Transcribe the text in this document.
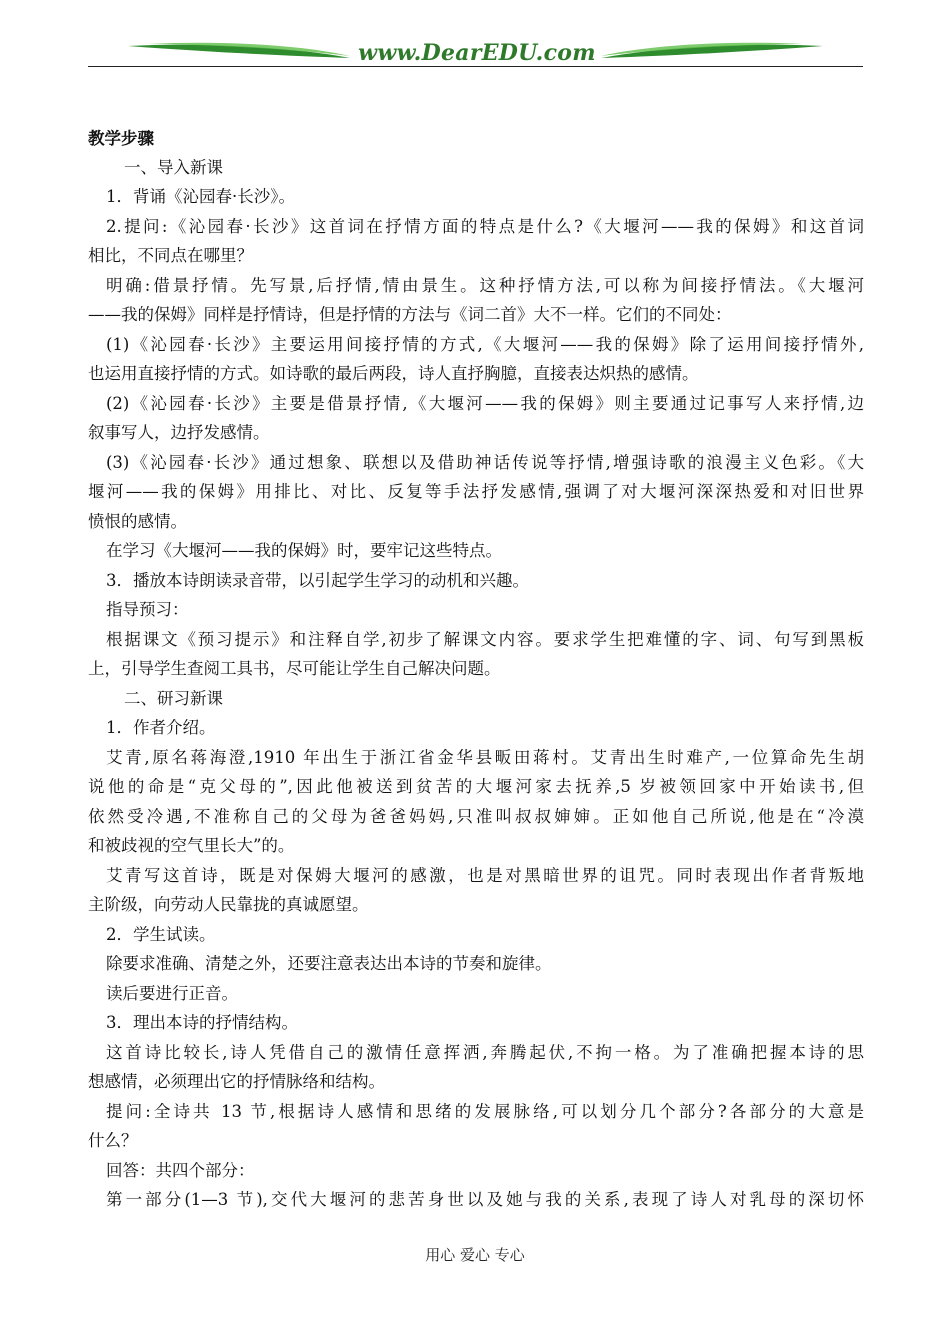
www.DearEDU.com
教学步骤
一、导入新课
1．背诵《沁园春·长沙》。
2.提问:《沁园春·长沙》这首词在抒情方面的特点是什么?《大堰河——我的保姆》和这首词
相比，不同点在哪里？
明确:借景抒情。先写景,后抒情,情由景生。这种抒情方法,可以称为间接抒情法。《大堰河
——我的保姆》同样是抒情诗，但是抒情的方法与《词二首》大不一样。它们的不同处：
(1)《沁园春·长沙》主要运用间接抒情的方式,《大堰河——我的保姆》除了运用间接抒情外,
也运用直接抒情的方式。如诗歌的最后两段，诗人直抒胸臆，直接表达炽热的感情。
(2)《沁园春·长沙》主要是借景抒情,《大堰河——我的保姆》则主要通过记事写人来抒情,边
叙事写人，边抒发感情。
(3)《沁园春·长沙》通过想象、联想以及借助神话传说等抒情,增强诗歌的浪漫主义色彩。《大
堰河——我的保姆》用排比、对比、反复等手法抒发感情,强调了对大堰河深深热爱和对旧世界
愤恨的感情。
在学习《大堰河——我的保姆》时，要牢记这些特点。
3．播放本诗朗读录音带，以引起学生学习的动机和兴趣。
指导预习：
根据课文《预习提示》和注释自学,初步了解课文内容。要求学生把难懂的字、词、句写到黑板
上，引导学生查阅工具书，尽可能让学生自己解决问题。
二、研习新课
1．作者介绍。
艾青,原名蒋海澄,1910 年出生于浙江省金华县畈田蒋村。艾青出生时难产,一位算命先生胡
说他的命是“克父母的”,因此他被送到贫苦的大堰河家去抚养,5 岁被领回家中开始读书,但
依然受冷遇,不准称自己的父母为爸爸妈妈,只准叫叔叔婶婶。正如他自己所说,他是在“冷漠
和被歧视的空气里长大”的。
艾青写这首诗，既是对保姆大堰河的感激，也是对黑暗世界的诅咒。同时表现出作者背叛地
主阶级，向劳动人民靠拢的真诚愿望。
2．学生试读。
除要求准确、清楚之外，还要注意表达出本诗的节奏和旋律。
读后要进行正音。
3．理出本诗的抒情结构。
这首诗比较长,诗人凭借自己的激情任意挥洒,奔腾起伏,不拘一格。为了准确把握本诗的思
想感情，必须理出它的抒情脉络和结构。
提问:全诗共 13 节,根据诗人感情和思绪的发展脉络,可以划分几个部分?各部分的大意是
什么？
回答：共四个部分：
第一部分(1—3 节),交代大堰河的悲苦身世以及她与我的关系,表现了诗人对乳母的深切怀
用心 爱心 专心
